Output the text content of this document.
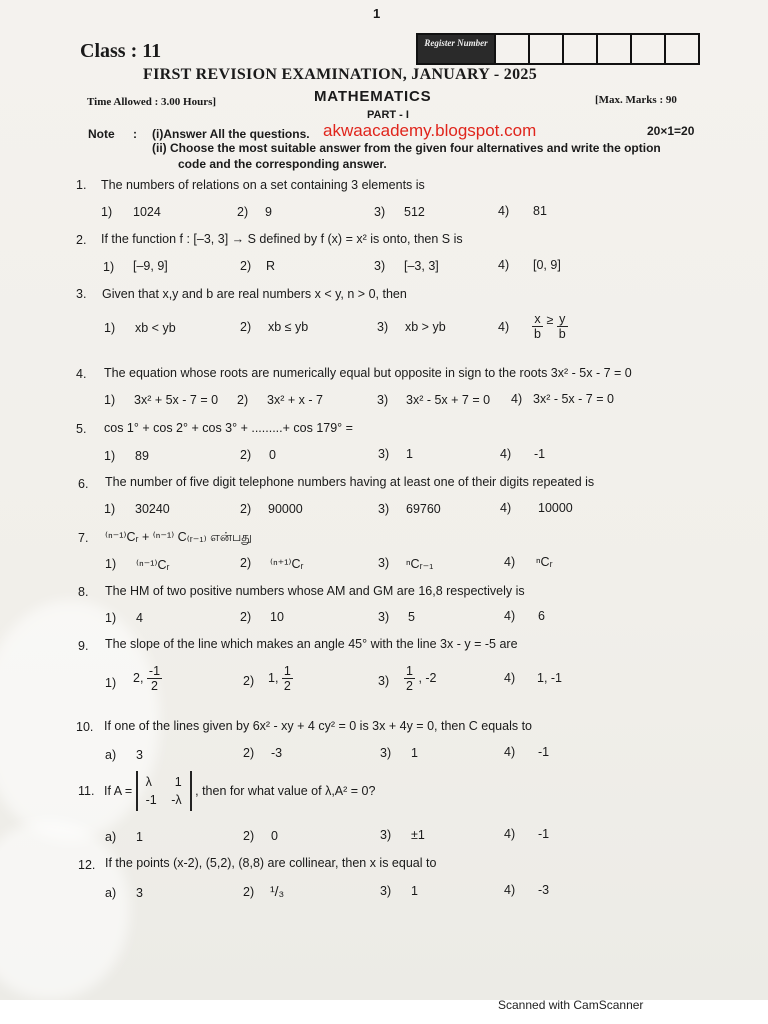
1
Class : 11	Register Number
FIRST REVISION EXAMINATION, JANUARY - 2025
MATHEMATICS
Time Allowed : 3.00 Hours]	[Max. Marks : 90
PART - I
Note : (i)Answer All the questions. akwaacademy.blogspot.com	20×1=20
(ii) Choose the most suitable answer from the given four alternatives and write the option
code and the corresponding answer.
1. The numbers of relations on a set containing 3 elements is
1) 1024	2) 9	3) 512	4) 81
2. If the function f : [–3, 3] → S defined by f (x) = x² is onto, then S is
1) [–9, 9]	2) R	3) [–3, 3]	4) [0, 9]
3. Given that x,y and b are real numbers x < y, n > 0, then
1) xb < yb	2) xb ≤ yb	3) xb > yb	$4) \frac{x}{b} \ge \frac{y}{b}$
4. The equation whose roots are numerically equal but opposite in sign to the roots 3x² - 5x - 7 = 0
1) 3x² + 5x - 7 = 0 2) 3x² + x - 7	3) 3x² - 5x + 7 = 0 4) 3x² - 5x - 7 = 0
5. cos 1° + cos 2° + cos 3° + .........+ cos 179° =
1) 89	2) 0	3) 1	4) -1
6. The number of five digit telephone numbers having at least one of their digits repeated is
1) 30240	2) 90000	3) 69760	4) 10000
7. ⁽ⁿ⁻¹⁾Cᵣ + ⁽ⁿ⁻¹⁾ C₍ᵣ₋₁₎ என்பது
1) ⁽ⁿ⁻¹⁾Cᵣ	2) ⁽ⁿ⁺¹⁾Cᵣ	3) ⁿCᵣ₋₁	4) ⁿCᵣ
8. The HM of two positive numbers whose AM and GM are 16,8 respectively is
1) 4	2) 10	3) 5	4) 6
9. The slope of the line which makes an angle 45° with the line 3x - y = -5 are
1) 2, $\frac{-1}{2}$	2) 1, $\frac{1}{2}$	$3) \frac{1}{2}$ , -2	4) 1, -1
10. If one of the lines given by 6x² - xy + 4 cy² = 0 is 3x + 4y = 0, then C equals to
a) 3	2) -3	3) 1	4) -1
11. If A = λ 1
-1 -λ , then for what value of λ,A² = 0?
a) 1	2) 0	3) ±1	4) -1
12. If the points (x-2), (5,2), (8,8) are collinear, then x is equal to
a) 3	2) ¹/₃	3) 1	4) -3
Scanned with CamScanner
